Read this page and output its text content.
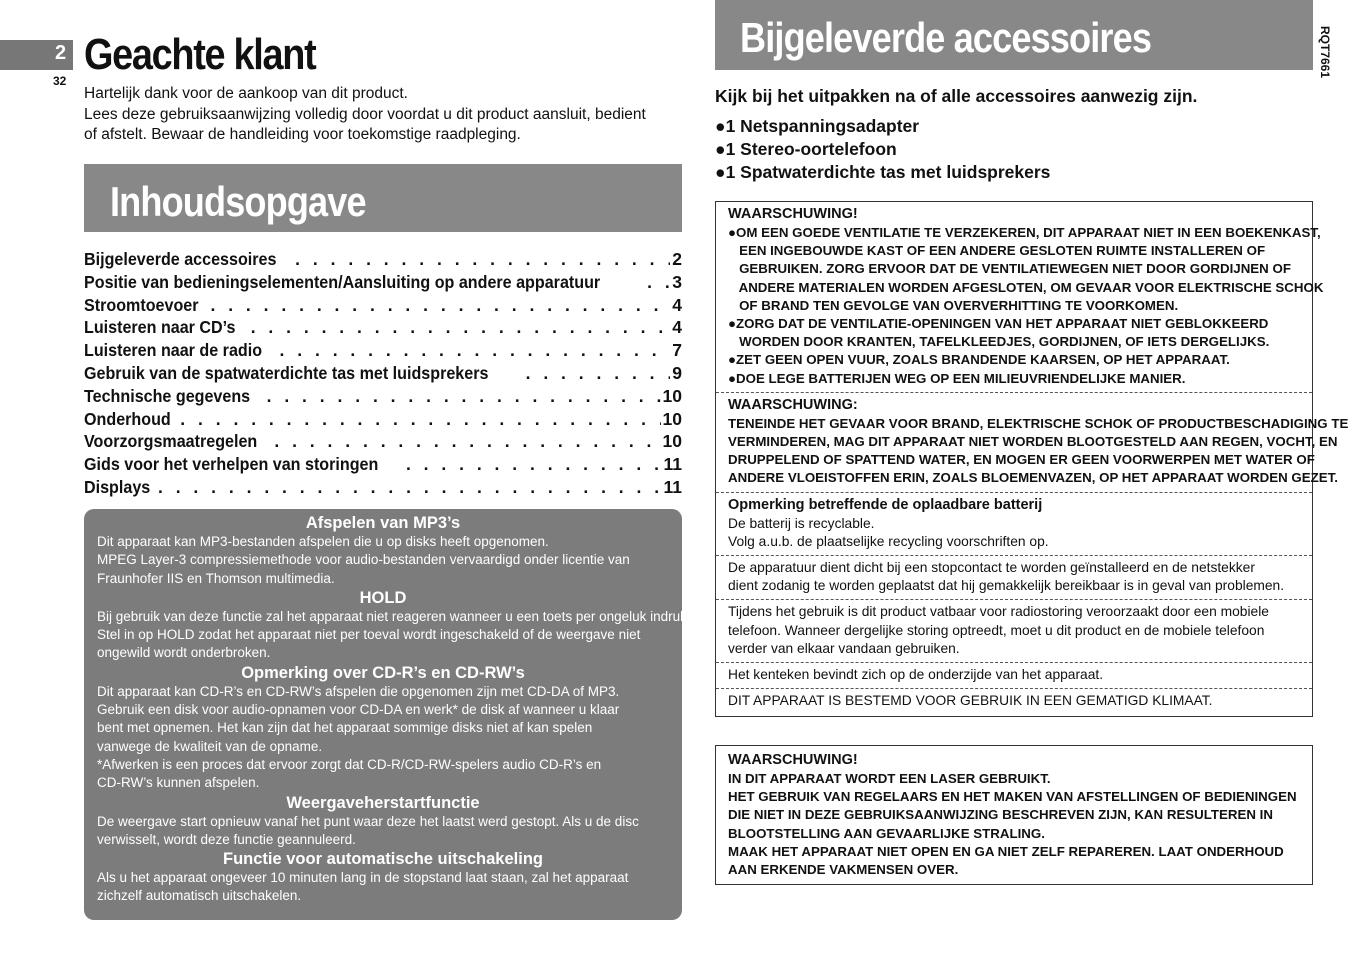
2
32
Geachte klant
Hartelijk dank voor de aankoop van dit product.
Lees deze gebruiksaanwijzing volledig door voordat u dit product aansluit, bedient
of afstelt. Bewaar de handleiding voor toekomstige raadpleging.
Inhoudsopgave
Bijgeleverde accessoires . . .	2
Positie van bedieningselementen/Aansluiting op andere apparatuur . . .	3
Stroomtoevoer . . .	4
Luisteren naar CD’s . . .	4
Luisteren naar de radio . . .	7
Gebruik van de spatwaterdichte tas met luidsprekers . . .	9
Technische gegevens . . .	10
Onderhoud . . .	10
Voorzorgsmaatregelen . . .	10
Gids voor het verhelpen van storingen . . .	11
Displays . . .	11
Afspelen van MP3’s
Dit apparaat kan MP3-bestanden afspelen die u op disks heeft opgenomen.
MPEG Layer-3 compressiemethode voor audio-bestanden vervaardigd onder licentie van
Fraunhofer IIS en Thomson multimedia.
HOLD
Bij gebruik van deze functie zal het apparaat niet reageren wanneer u een toets per ongeluk indrukt.
Stel in op HOLD zodat het apparaat niet per toeval wordt ingeschakeld of de weergave niet
ongewild wordt onderbroken.
Opmerking over CD-R’s en CD-RW’s
Dit apparaat kan CD-R’s en CD-RW’s afspelen die opgenomen zijn met CD-DA of MP3.
Gebruik een disk voor audio-opnamen voor CD-DA en werk* de disk af wanneer u klaar
bent met opnemen. Het kan zijn dat het apparaat sommige disks niet af kan spelen
vanwege de kwaliteit van de opname.
*Afwerken is een proces dat ervoor zorgt dat CD-R/CD-RW-spelers audio CD-R’s en
CD-RW’s kunnen afspelen.
Weergaveherstartfunctie
De weergave start opnieuw vanaf het punt waar deze het laatst werd gestopt. Als u de disc
verwisselt, wordt deze functie geannuleerd.
Functie voor automatische uitschakeling
Als u het apparaat ongeveer 10 minuten lang in de stopstand laat staan, zal het apparaat
zichzelf automatisch uitschakelen.
Bijgeleverde accessoires	RQT7661
Kijk bij het uitpakken na of alle accessoires aanwezig zijn.
●1 Netspanningsadapter
●1 Stereo-oortelefoon
●1 Spatwaterdichte tas met luidsprekers
WAARSCHUWING!
●OM EEN GOEDE VENTILATIE TE VERZEKEREN, DIT APPARAAT NIET IN EEN BOEKENKAST,
EEN INGEBOUWDE KAST OF EEN ANDERE GESLOTEN RUIMTE INSTALLEREN OF
GEBRUIKEN. ZORG ERVOOR DAT DE VENTILATIEWEGEN NIET DOOR GORDIJNEN OF
ANDERE MATERIALEN WORDEN AFGESLOTEN, OM GEVAAR VOOR ELEKTRISCHE SCHOK
OF BRAND TEN GEVOLGE VAN OVERVERHITTING TE VOORKOMEN.
●ZORG DAT DE VENTILATIE-OPENINGEN VAN HET APPARAAT NIET GEBLOKKEERD
WORDEN DOOR KRANTEN, TAFELKLEEDJES, GORDIJNEN, OF IETS DERGELIJKS.
●ZET GEEN OPEN VUUR, ZOALS BRANDENDE KAARSEN, OP HET APPARAAT.
●DOE LEGE BATTERIJEN WEG OP EEN MILIEUVRIENDELIJKE MANIER.
WAARSCHUWING:
TENEINDE HET GEVAAR VOOR BRAND, ELEKTRISCHE SCHOK OF PRODUCTBESCHADIGING TE
VERMINDEREN, MAG DIT APPARAAT NIET WORDEN BLOOTGESTELD AAN REGEN, VOCHT, EN
DRUPPELEND OF SPATTEND WATER, EN MOGEN ER GEEN VOORWERPEN MET WATER OF
ANDERE VLOEISTOFFEN ERIN, ZOALS BLOEMENVAZEN, OP HET APPARAAT WORDEN GEZET.
Opmerking betreffende de oplaadbare batterij
De batterij is recyclable.
Volg a.u.b. de plaatselijke recycling voorschriften op.
De apparatuur dient dicht bij een stopcontact te worden geïnstalleerd en de netstekker
dient zodanig te worden geplaatst dat hij gemakkelijk bereikbaar is in geval van problemen.
Tijdens het gebruik is dit product vatbaar voor radiostoring veroorzaakt door een mobiele
telefoon. Wanneer dergelijke storing optreedt, moet u dit product en de mobiele telefoon
verder van elkaar vandaan gebruiken.
Het kenteken bevindt zich op de onderzijde van het apparaat.
DIT APPARAAT IS BESTEMD VOOR GEBRUIK IN EEN GEMATIGD KLIMAAT.
WAARSCHUWING!
IN DIT APPARAAT WORDT EEN LASER GEBRUIKT.
HET GEBRUIK VAN REGELAARS EN HET MAKEN VAN AFSTELLINGEN OF BEDIENINGEN
DIE NIET IN DEZE GEBRUIKSAANWIJZING BESCHREVEN ZIJN, KAN RESULTEREN IN
BLOOTSTELLING AAN GEVAARLIJKE STRALING.
MAAK HET APPARAAT NIET OPEN EN GA NIET ZELF REPAREREN. LAAT ONDERHOUD
AAN ERKENDE VAKMENSEN OVER.
